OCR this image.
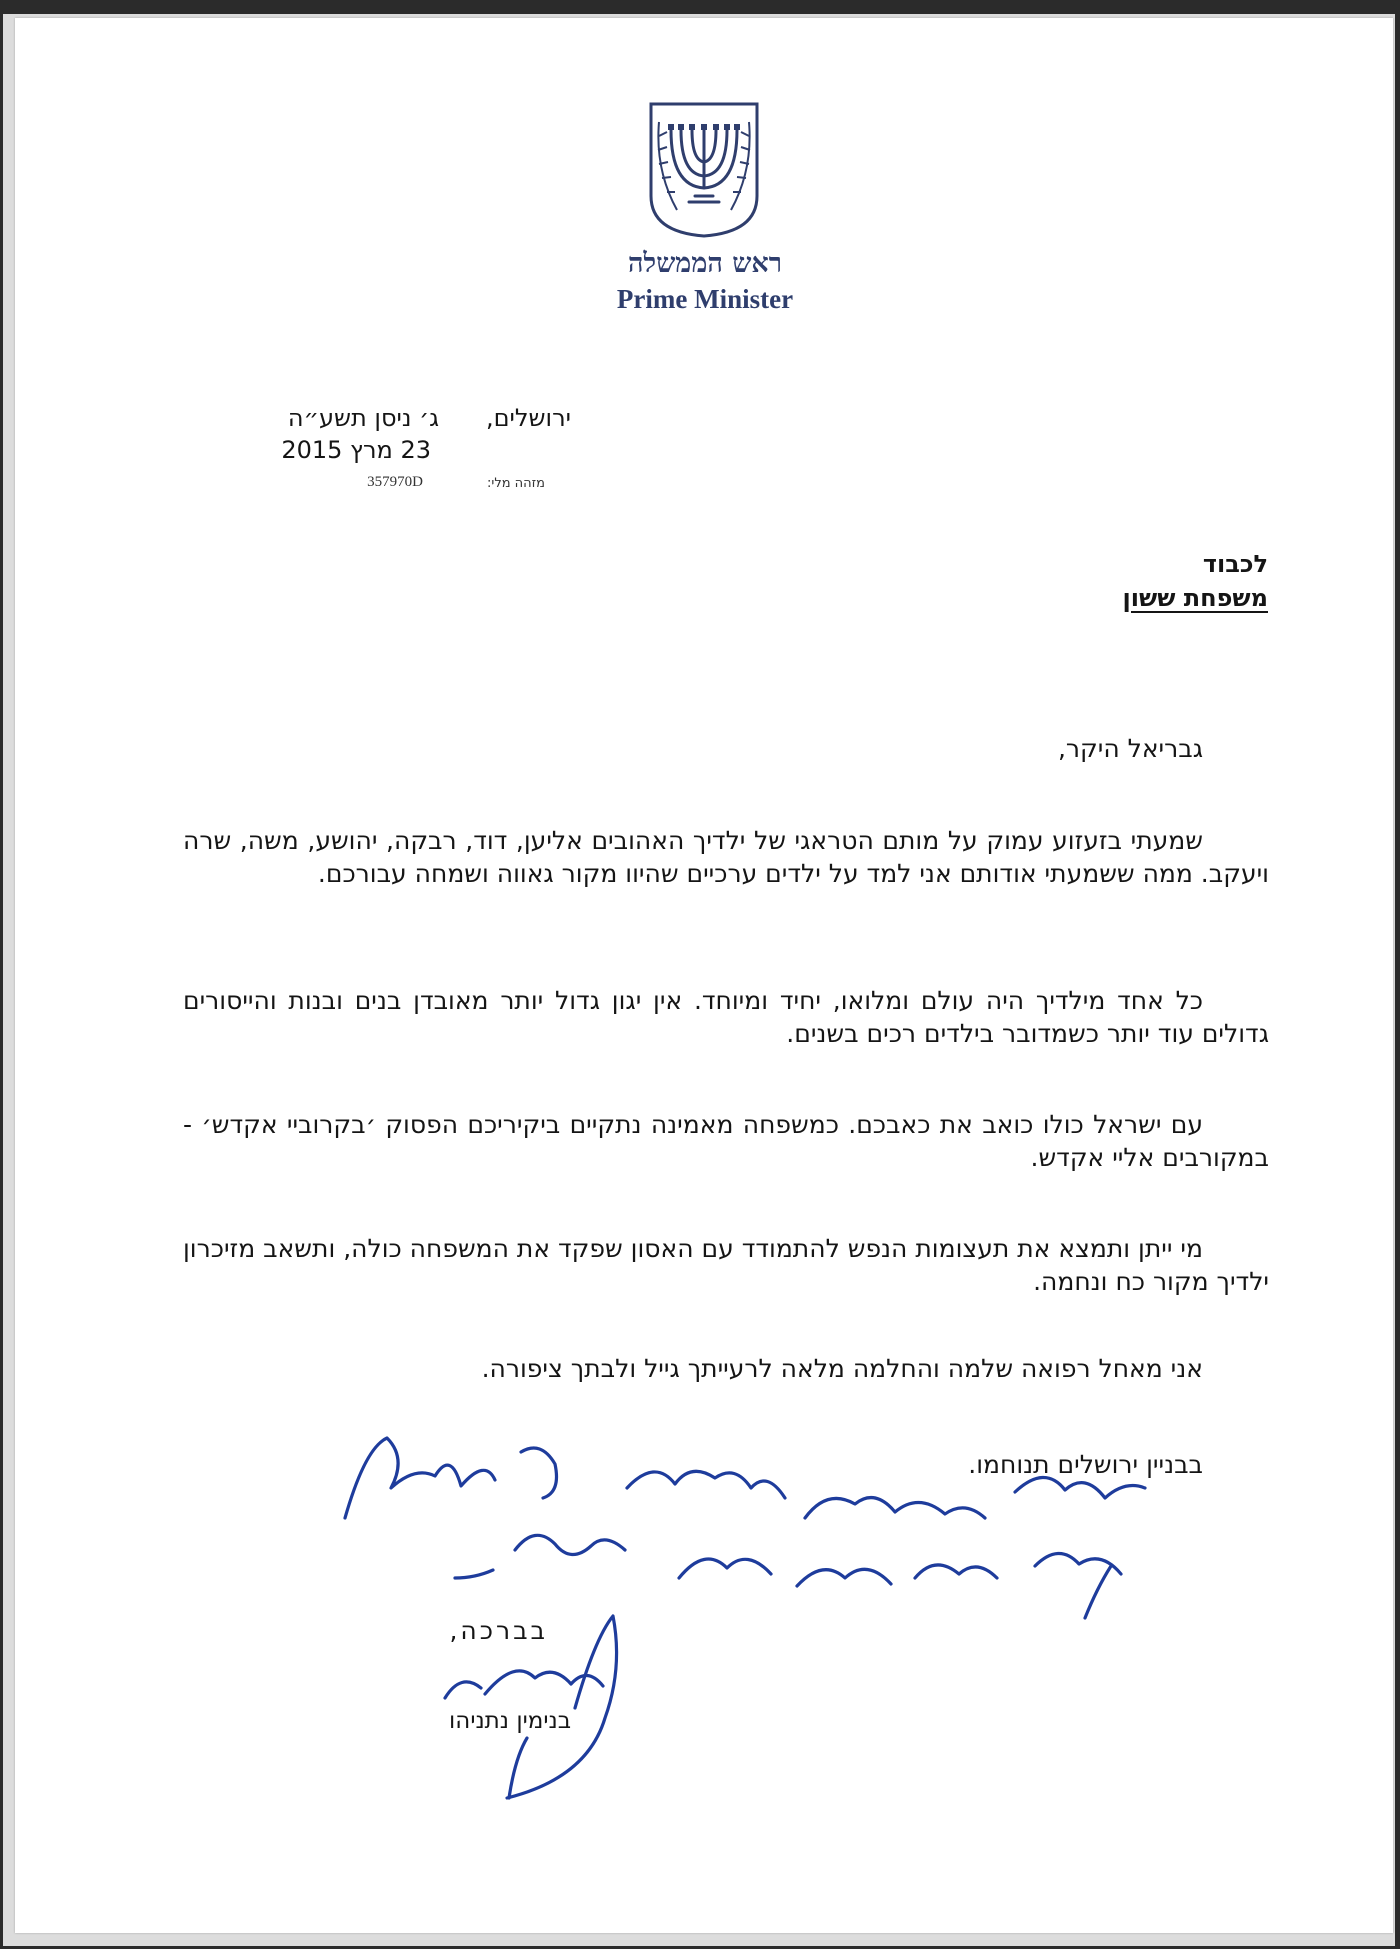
ראש הממשלה
Prime Minister
ירושלים,
ג׳ ניסן תשע״ה
23 מרץ 2015
מזהה מלי:
357970D
לכבוד
משפחת ששון
גבריאל היקר,

שמעתי בזעזוע עמוק על מותם הטראגי של ילדיך האהובים אליען, דוד, רבקה, יהושע, משה, שרה ויעקב. ממה ששמעתי אודותם אני למד על ילדים ערכיים שהיוו מקור גאווה ושמחה עבורכם.

כל אחד מילדיך היה עולם ומלואו, יחיד ומיוחד. אין יגון גדול יותר מאובדן בנים ובנות והייסורים גדולים עוד יותר כשמדובר בילדים רכים בשנים.

עם ישראל כולו כואב את כאבכם. כמשפחה מאמינה נתקיים ביקיריכם הפסוק ׳בקרוביי אקדש׳ - במקורבים אליי אקדש.

מי ייתן ותמצא את תעצומות הנפש להתמודד עם האסון שפקד את המשפחה כולה, ותשאב מזיכרון ילדיך מקור כח ונחמה.

אני מאחל רפואה שלמה והחלמה מלאה לרעייתך גייל ולבתך ציפורה.
בבניין ירושלים תנוחמו.
בברכה,
בנימין נתניהו
